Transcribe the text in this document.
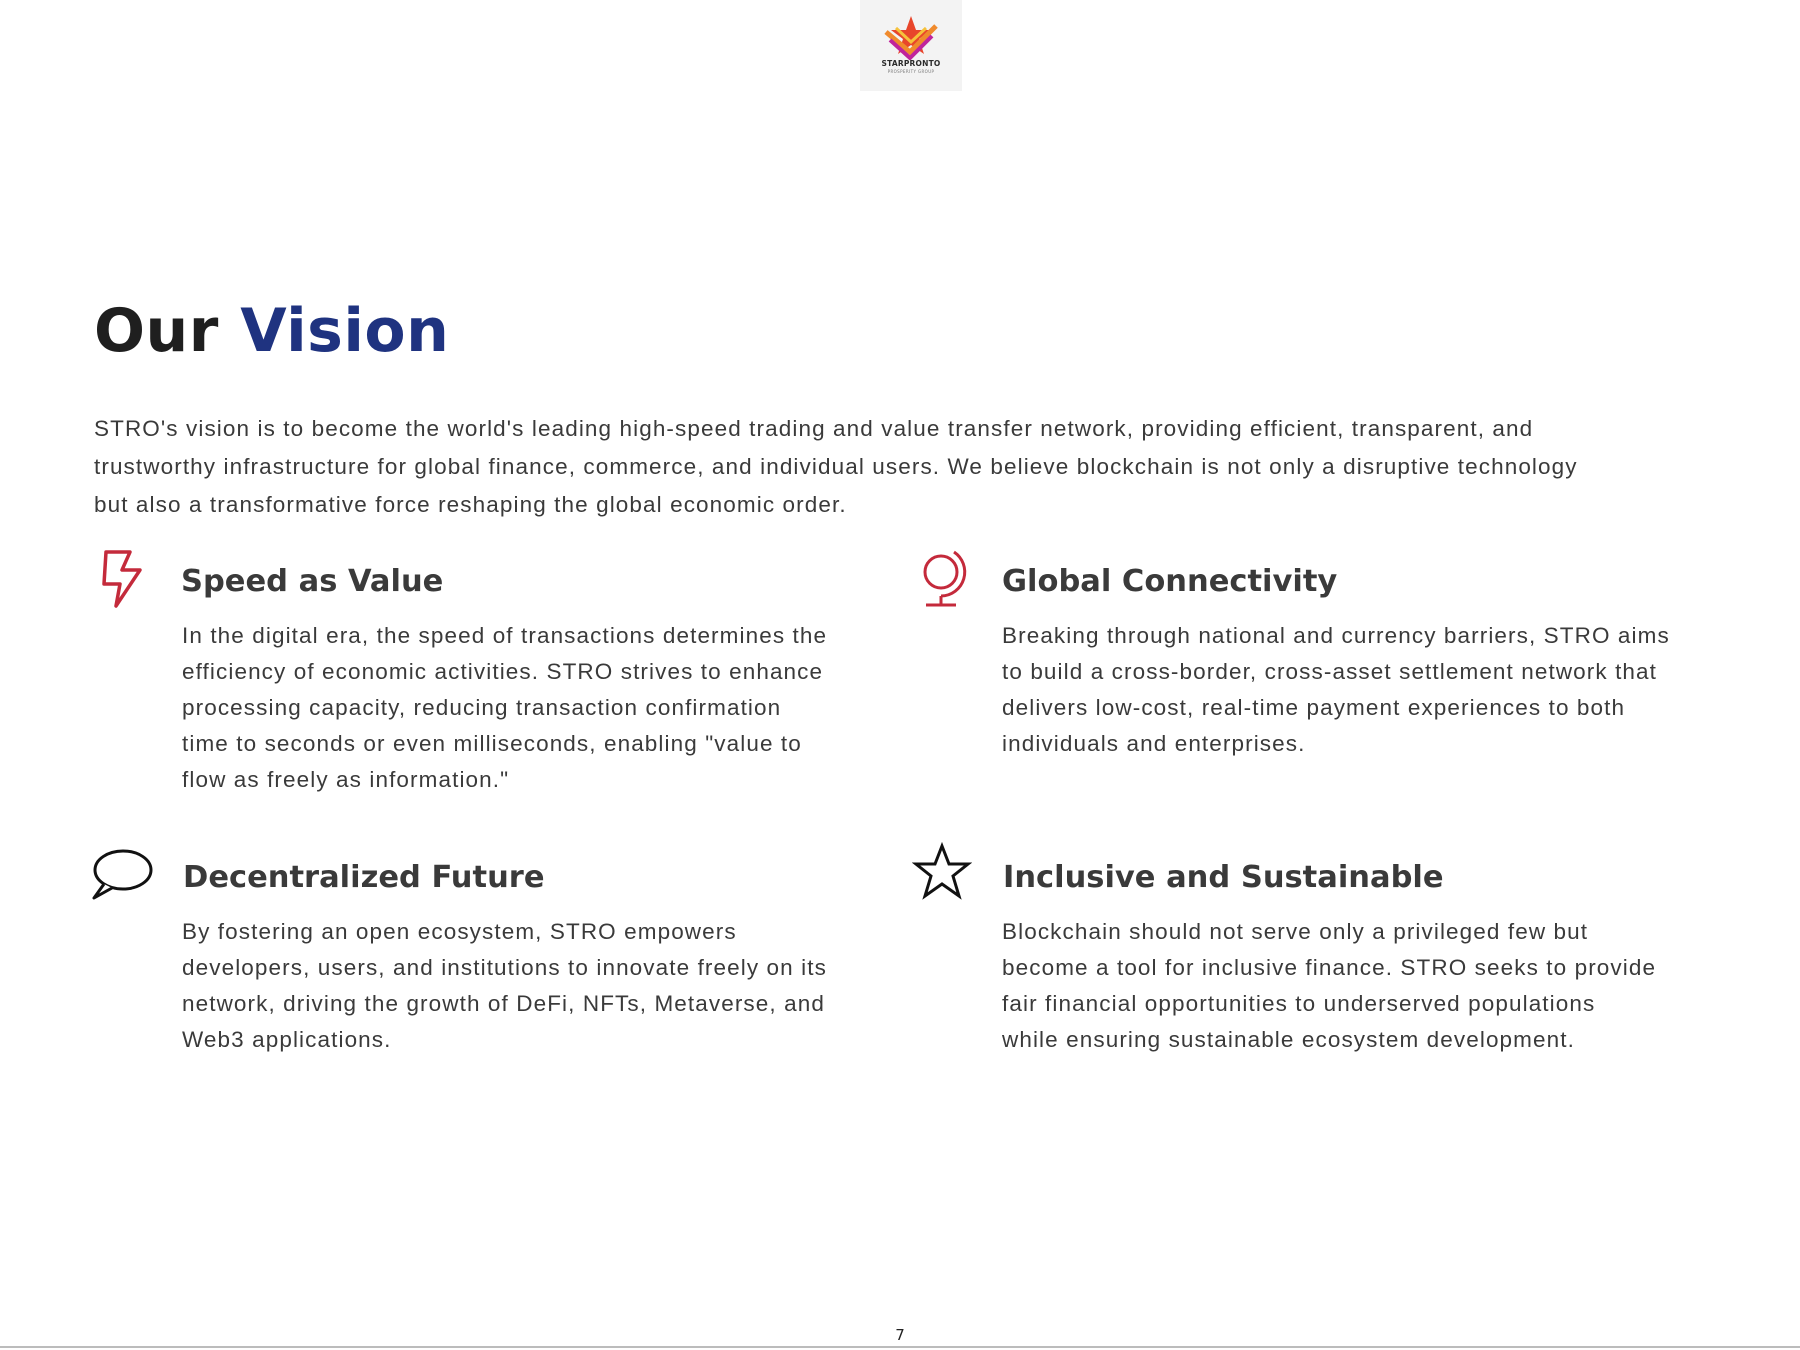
STARPRONTO
PROSPERITY GROUP
Our Vision
STRO's vision is to become the world's leading high-speed trading and value transfer network, providing efficient, transparent, and
trustworthy infrastructure for global finance, commerce, and individual users. We believe blockchain is not only a disruptive technology
but also a transformative force reshaping the global economic order.
Speed as Value
In the digital era, the speed of transactions determines the
efficiency of economic activities. STRO strives to enhance
processing capacity, reducing transaction confirmation
time to seconds or even milliseconds, enabling "value to
flow as freely as information."
Global Connectivity
Breaking through national and currency barriers, STRO aims
to build a cross-border, cross-asset settlement network that
delivers low-cost, real-time payment experiences to both
individuals and enterprises.
Decentralized Future
By fostering an open ecosystem, STRO empowers
developers, users, and institutions to innovate freely on its
network, driving the growth of DeFi, NFTs, Metaverse, and
Web3 applications.
Inclusive and Sustainable
Blockchain should not serve only a privileged few but
become a tool for inclusive finance. STRO seeks to provide
fair financial opportunities to underserved populations
while ensuring sustainable ecosystem development.
7
